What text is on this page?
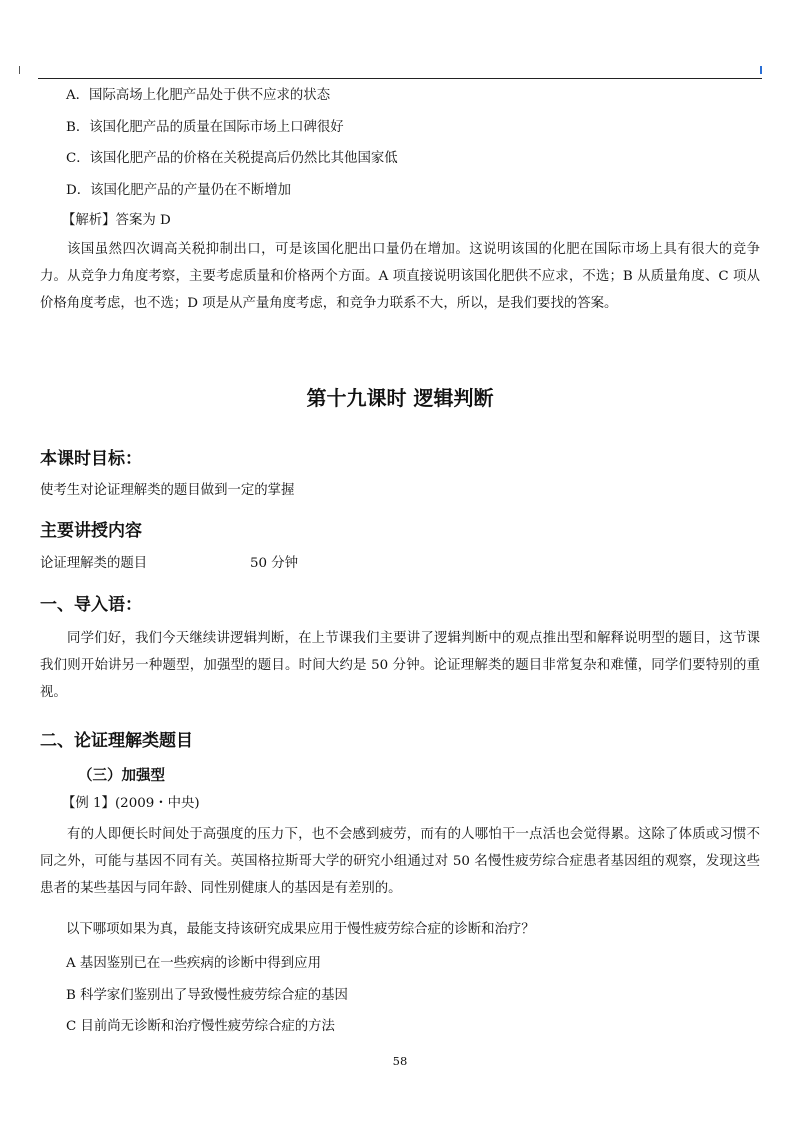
A．国际高场上化肥产品处于供不应求的状态
B．该国化肥产品的质量在国际市场上口碑很好
C．该国化肥产品的价格在关税提高后仍然比其他国家低
D．该国化肥产品的产量仍在不断增加
【解析】答案为 D

该国虽然四次调高关税抑制出口，可是该国化肥出口量仍在增加。这说明该国的化肥在国际市场上具有很大的竞争力。从竞争力角度考察，主要考虑质量和价格两个方面。A 项直接说明该国化肥供不应求，不选；B 从质量角度、C 项从价格角度考虑，也不选；D 项是从产量角度考虑，和竞争力联系不大，所以，是我们要找的答案。

第十九课时 逻辑判断
本课时目标：
使考生对论证理解类的题目做到一定的掌握
主要讲授内容
论证理解类的题目	50 分钟
一、导入语：

同学们好，我们今天继续讲逻辑判断，在上节课我们主要讲了逻辑判断中的观点推出型和解释说明型的题目，这节课我们则开始讲另一种题型，加强型的题目。时间大约是 50 分钟。论证理解类的题目非常复杂和难懂，同学们要特别的重视。

二、论证理解类题目
（三）加强型
【例 1】(2009・中央)

有的人即便长时间处于高强度的压力下，也不会感到疲劳，而有的人哪怕干一点活也会觉得累。这除了体质或习惯不同之外，可能与基因不同有关。英国格拉斯哥大学的研究小组通过对 50 名慢性疲劳综合症患者基因组的观察，发现这些患者的某些基因与同年龄、同性别健康人的基因是有差别的。

以下哪项如果为真，最能支持该研究成果应用于慢性疲劳综合症的诊断和治疗？
A 基因鉴别已在一些疾病的诊断中得到应用
B 科学家们鉴别出了导致慢性疲劳综合症的基因
C 目前尚无诊断和治疗慢性疲劳综合症的方法
58
